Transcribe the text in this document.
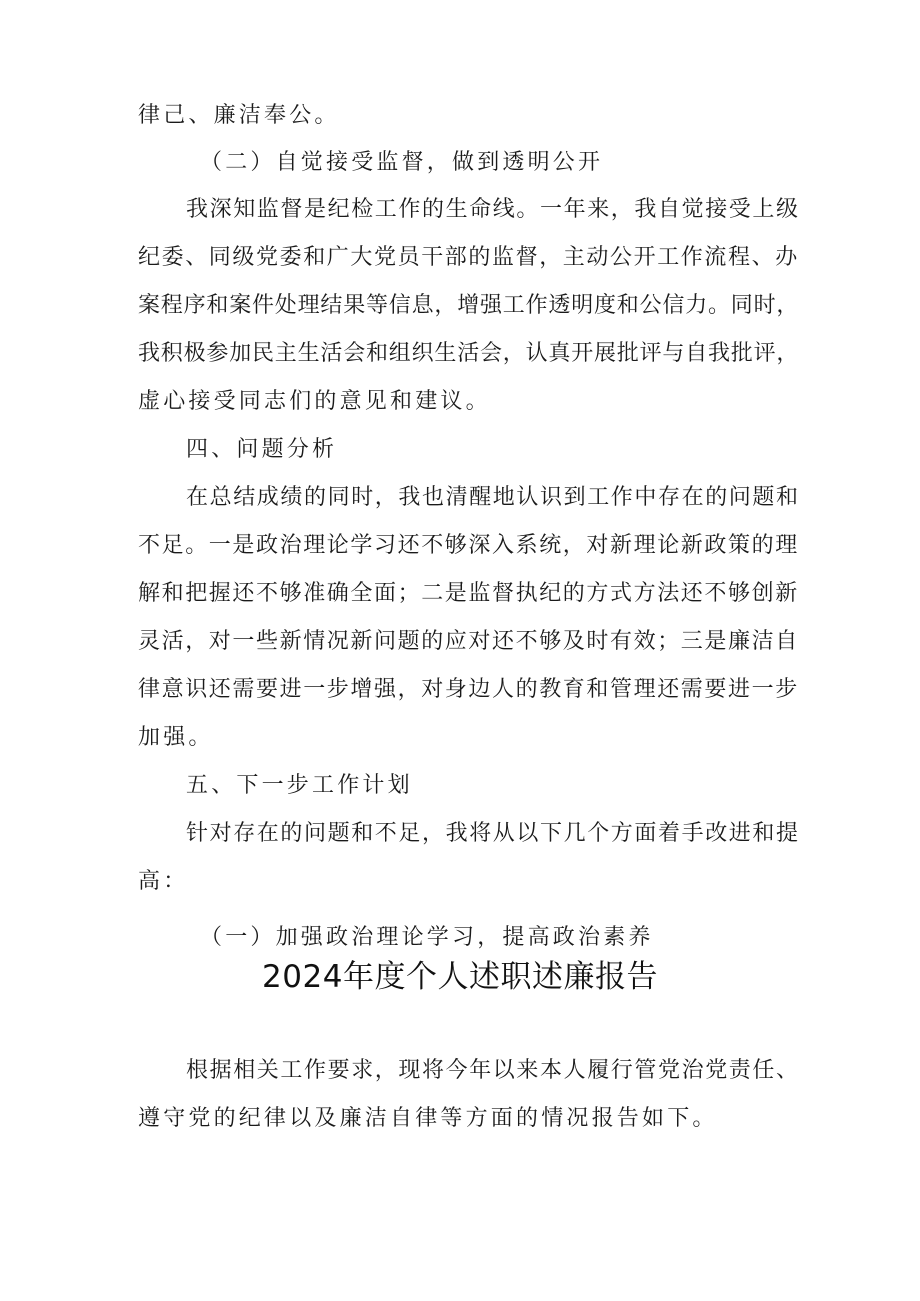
律己、廉洁奉公。
（二）自觉接受监督，做到透明公开
我深知监督是纪检工作的生命线。一年来，我自觉接受上级
纪委、同级党委和广大党员干部的监督，主动公开工作流程、办
案程序和案件处理结果等信息，增强工作透明度和公信力。同时，
我积极参加民主生活会和组织生活会，认真开展批评与自我批评，
虚心接受同志们的意见和建议。
四、问题分析
在总结成绩的同时，我也清醒地认识到工作中存在的问题和
不足。一是政治理论学习还不够深入系统，对新理论新政策的理
解和把握还不够准确全面；二是监督执纪的方式方法还不够创新
灵活，对一些新情况新问题的应对还不够及时有效；三是廉洁自
律意识还需要进一步增强，对身边人的教育和管理还需要进一步
加强。
五、下一步工作计划
针对存在的问题和不足，我将从以下几个方面着手改进和提
高：
（一）加强政治理论学习，提高政治素养
2024年度个人述职述廉报告
根据相关工作要求，现将今年以来本人履行管党治党责任、
遵守党的纪律以及廉洁自律等方面的情况报告如下。
